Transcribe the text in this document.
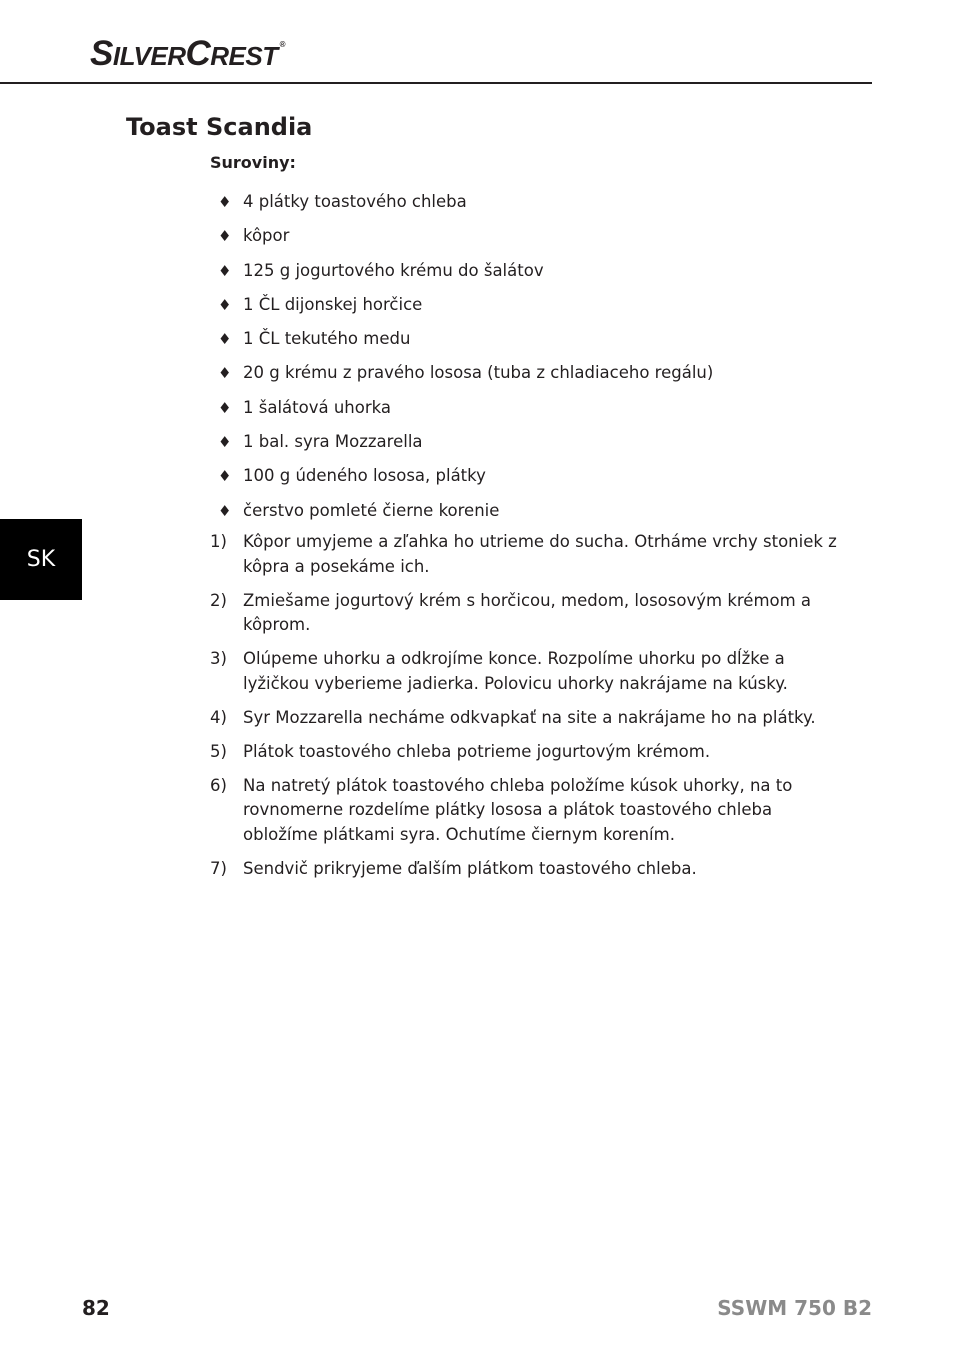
SILVERCREST ®
Toast Scandia
Suroviny:
♦ 4 plátky toastového chleba
♦ kôpor
♦ 125 g jogurtového krému do šalátov
♦ 1 ČL dijonskej horčice
♦ 1 ČL tekutého medu
♦ 20 g krému z pravého lososa (tuba z chladiaceho regálu)
♦ 1 šalátová uhorka
♦ 1 bal. syra Mozzarella
♦ 100 g údeného lososa, plátky
♦ čerstvo pomleté čierne korenie
1) Kôpor umyjeme a zľahka ho utrieme do sucha. Otrháme vrchy stoniek z kôpra a posekáme ich.
2) Zmiešame jogurtový krém s horčicou, medom, lososovým krémom a kôprom.
3) Olúpeme uhorku a odkrojíme konce. Rozpolíme uhorku po dĺžke a lyžičkou vyberieme jadierka. Polovicu uhorky nakrájame na kúsky.
4) Syr Mozzarella necháme odkvapkať na site a nakrájame ho na plátky.
5) Plátok toastového chleba potrieme jogurtovým krémom.
6) Na natretý plátok toastového chleba položíme kúsok uhorky, na to rovnomerne rozdelíme plátky lososa a plátok toastového chleba obložíme plátkami syra. Ochutíme čiernym korením.
7) Sendvič prikryjeme ďalším plátkom toastového chleba.
SK
82	SSWM 750 B2
